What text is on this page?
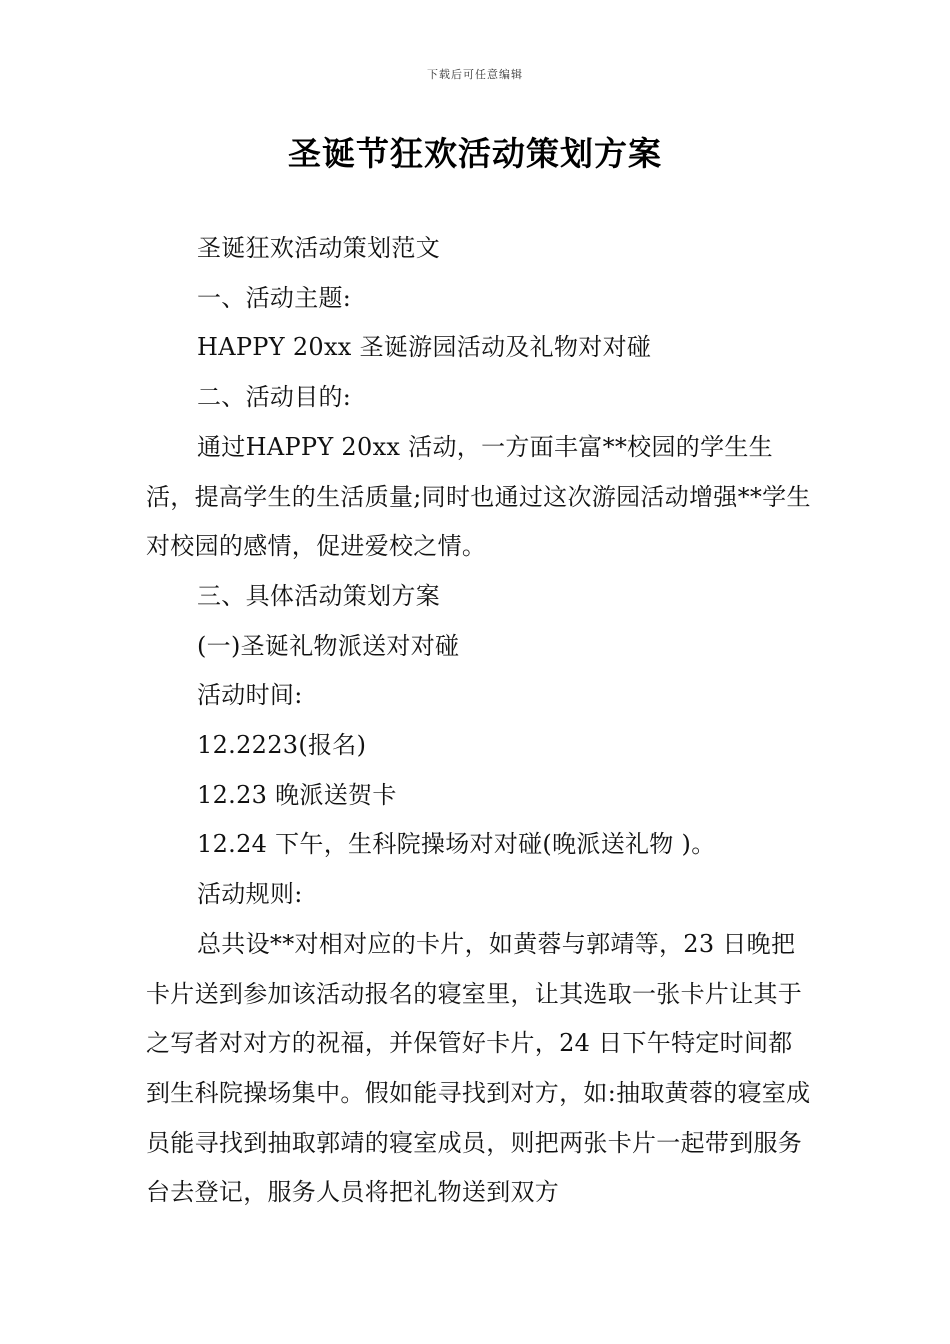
下载后可任意编辑
圣诞节狂欢活动策划方案

圣诞狂欢活动策划范文

一、活动主题:

HAPPY 20xx 圣诞游园活动及礼物对对碰

二、活动目的:

通过HAPPY 20xx 活动，一方面丰富**校园的学生生活，提高学生的生活质量;同时也通过这次游园活动增强**学生对校园的感情，促进爱校之情。

三、具体活动策划方案

(一)圣诞礼物派送对对碰

活动时间:

12.2223(报名)

12.23 晚派送贺卡

12.24 下午，生科院操场对对碰(晚派送礼物 )。

活动规则:

总共设**对相对应的卡片，如黄蓉与郭靖等，23 日晚把卡片送到参加该活动报名的寝室里，让其选取一张卡片让其于之写者对对方的祝福，并保管好卡片，24 日下午特定时间都到生科院操场集中。假如能寻找到对方，如:抽取黄蓉的寝室成员能寻找到抽取郭靖的寝室成员，则把两张卡片一起带到服务台去登记，服务人员将把礼物送到双方
